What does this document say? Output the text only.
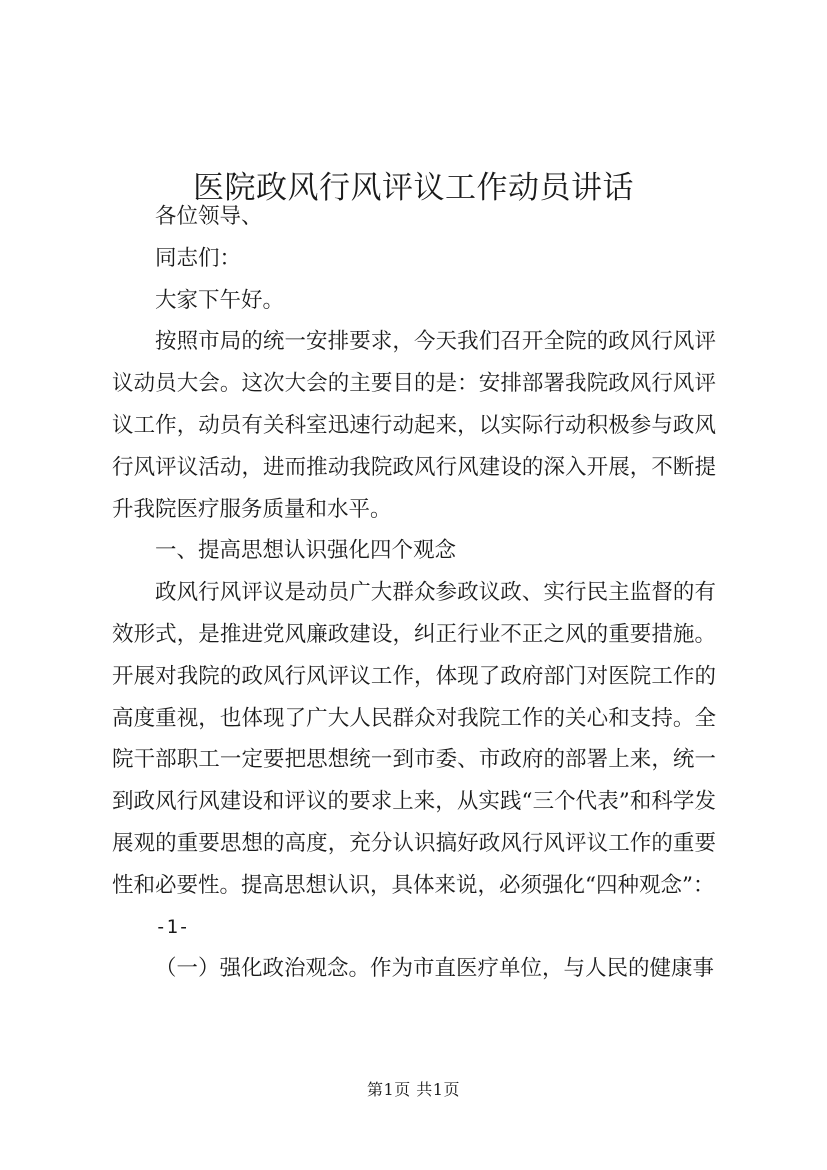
医院政风行风评议工作动员讲话

各位领导、

同志们：

大家下午好。

按照市局的统一安排要求，今天我们召开全院的政风行风评议动员大会。这次大会的主要目的是：安排部署我院政风行风评议工作，动员有关科室迅速行动起来，以实际行动积极参与政风行风评议活动，进而推动我院政风行风建设的深入开展，不断提升我院医疗服务质量和水平。

一、提高思想认识强化四个观念

政风行风评议是动员广大群众参政议政、实行民主监督的有效形式，是推进党风廉政建设，纠正行业不正之风的重要措施。开展对我院的政风行风评议工作，体现了政府部门对医院工作的高度重视，也体现了广大人民群众对我院工作的关心和支持。全院干部职工一定要把思想统一到市委、市政府的部署上来，统一到政风行风建设和评议的要求上来，从实践“三个代表”和科学发展观的重要思想的高度，充分认识搞好政风行风评议工作的重要性和必要性。提高思想认识，具体来说，必须强化“四种观念”：

-1-

（一）强化政治观念。作为市直医疗单位，与人民的健康事

第1页 共1页
